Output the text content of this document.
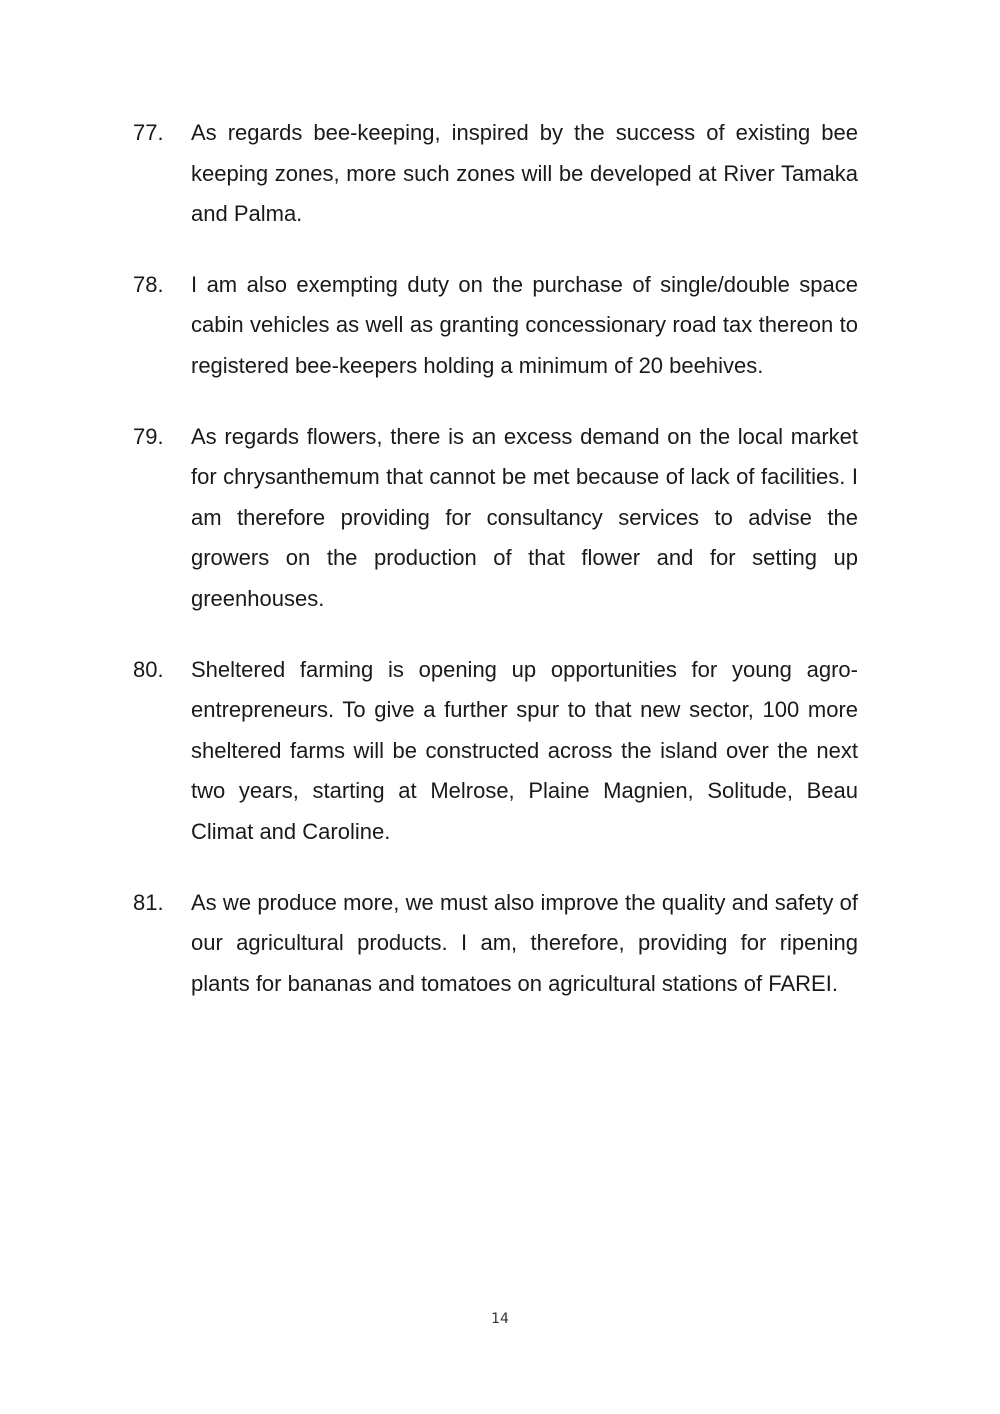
77.	As regards bee-keeping, inspired by the success of existing bee keeping zones, more such zones will be developed at River Tamaka and Palma.

78.	I am also exempting duty on the purchase of single/double space cabin vehicles as well as granting concessionary road tax thereon to registered bee-keepers holding a minimum of 20 beehives.

79.	As regards flowers, there is an excess demand on the local market for chrysanthemum that cannot be met because of lack of facilities. I am therefore providing for consultancy services to advise the growers on the production of that flower and for setting up greenhouses.

80.	Sheltered farming is opening up opportunities for young agro-entrepreneurs. To give a further spur to that new sector, 100 more sheltered farms will be constructed across the island over the next two years, starting at Melrose, Plaine Magnien, Solitude, Beau Climat and Caroline.

81.	As we produce more, we must also improve the quality and safety of our agricultural products. I am, therefore, providing for ripening plants for bananas and tomatoes on agricultural stations of FAREI.

14
